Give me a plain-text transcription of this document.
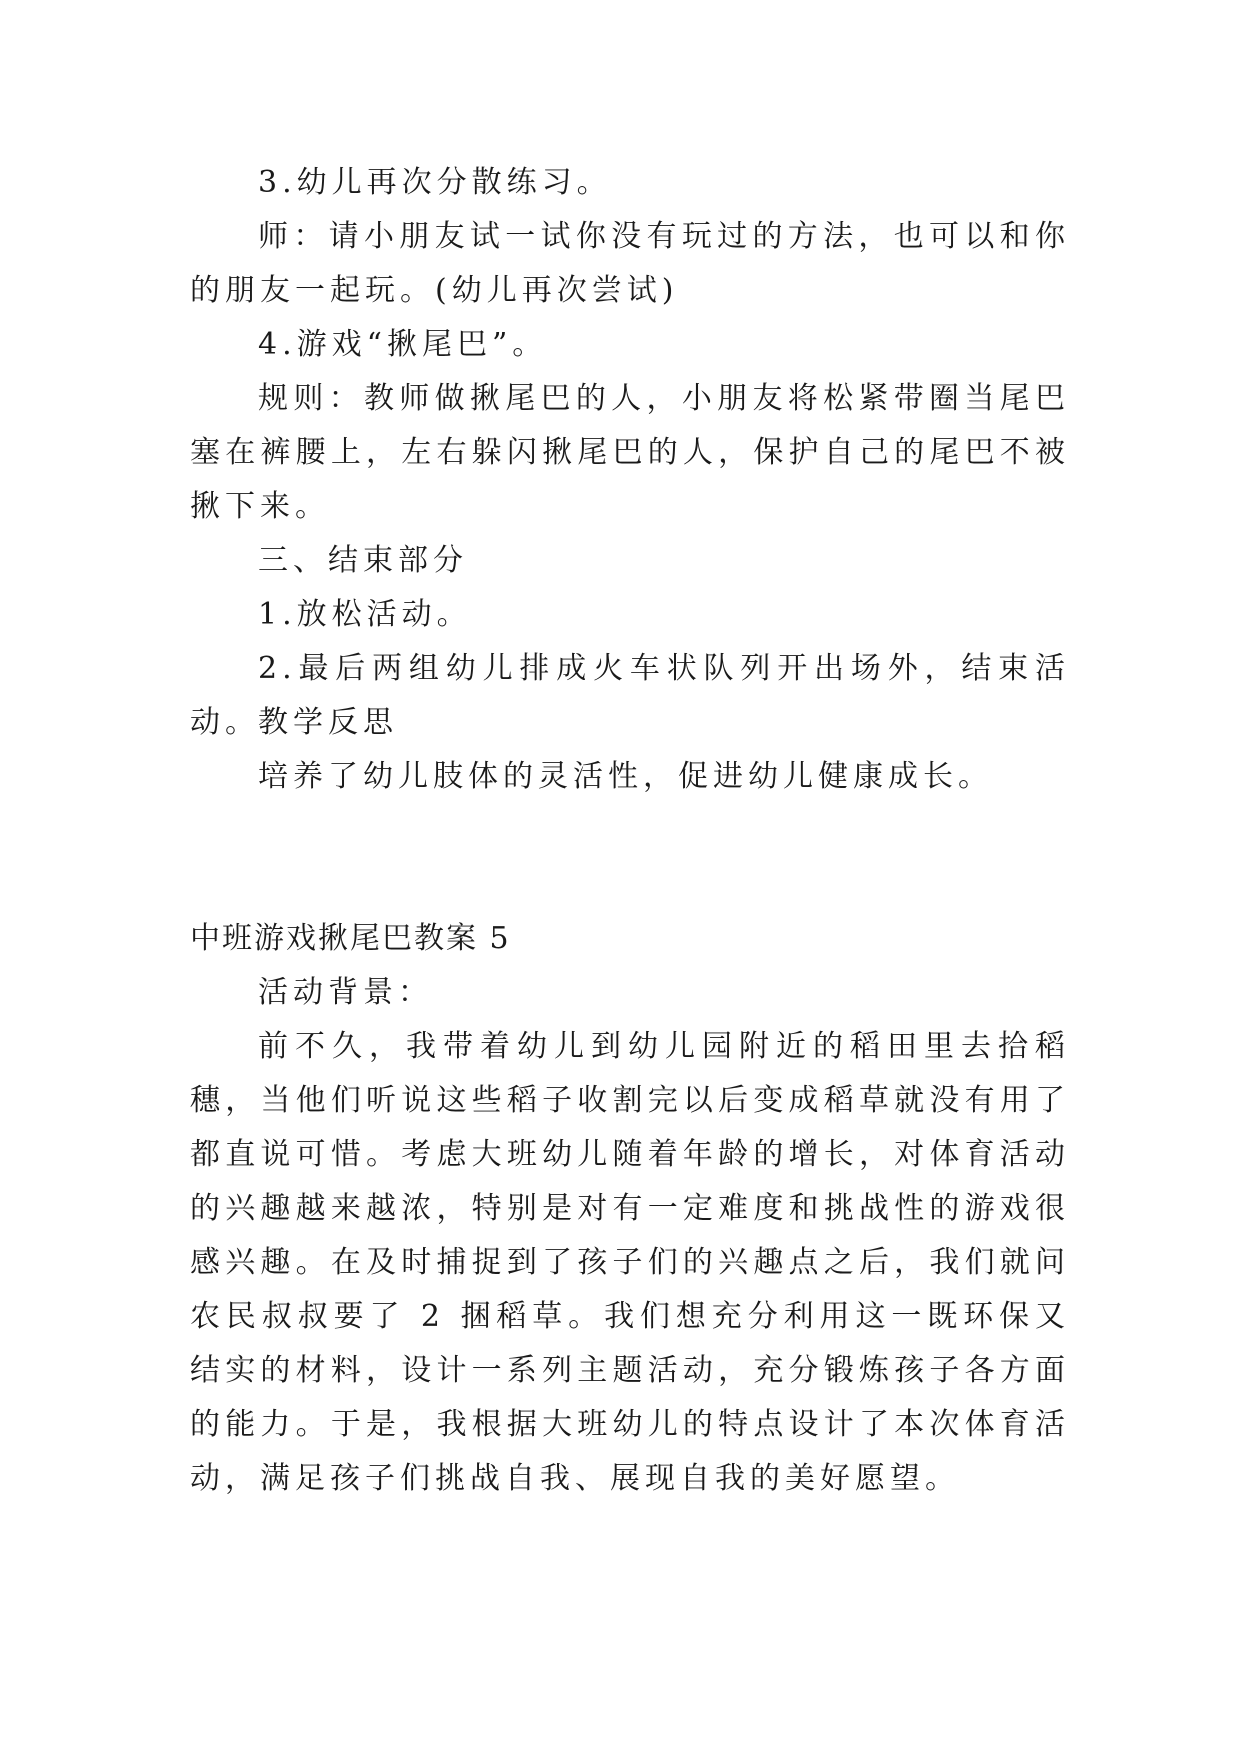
3.幼儿再次分散练习。

师：请小朋友试一试你没有玩过的方法，也可以和你的朋友一起玩。(幼儿再次尝试)

4.游戏“揪尾巴”。

规则：教师做揪尾巴的人，小朋友将松紧带圈当尾巴塞在裤腰上，左右躲闪揪尾巴的人，保护自己的尾巴不被揪下来。

三、结束部分

1.放松活动。

2.最后两组幼儿排成火车状队列开出场外，结束活动。

教学反思

培养了幼儿肢体的灵活性，促进幼儿健康成长。

中班游戏揪尾巴教案 5

活动背景：

前不久，我带着幼儿到幼儿园附近的稻田里去拾稻穗，当他们听说这些稻子收割完以后变成稻草就没有用了都直说可惜。考虑大班幼儿随着年龄的增长，对体育活动的兴趣越来越浓，特别是对有一定难度和挑战性的游戏很感兴趣。在及时捕捉到了孩子们的兴趣点之后，我们就问农民叔叔要了 2 捆稻草。我们想充分利用这一既环保又结实的材料，设计一系列主题活动，充分锻炼孩子各方面的能力。于是，我根据大班幼儿的特点设计了本次体育活动，满足孩子们挑战自我、展现自我的美好愿望。
